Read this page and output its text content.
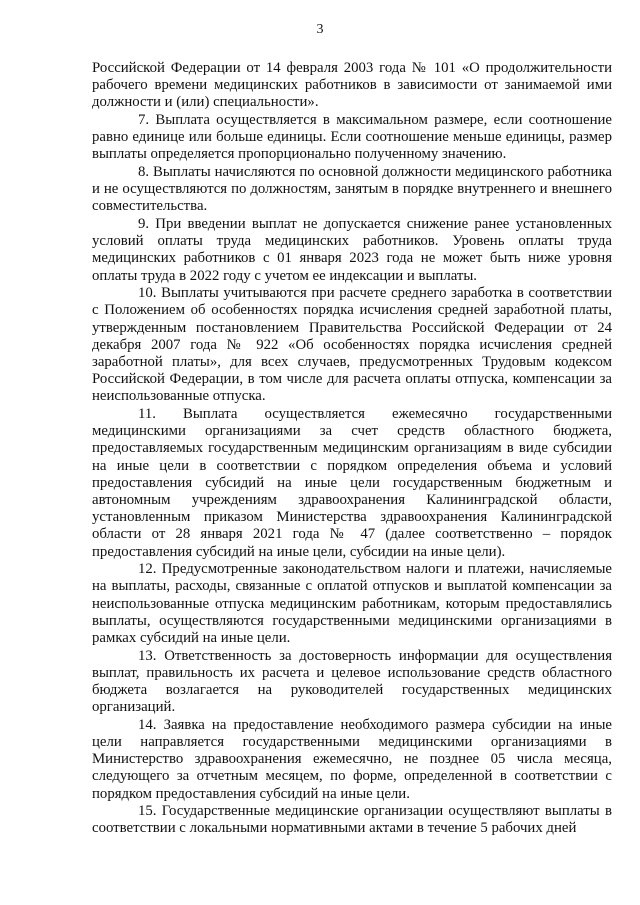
3

Российской Федерации от 14 февраля 2003 года № 101 «О продолжительности рабочего времени медицинских работников в зависимости от занимаемой ими должности и (или) специальности».

7. Выплата осуществляется в максимальном размере, если соотношение равно единице или больше единицы. Если соотношение меньше единицы, размер выплаты определяется пропорционально полученному значению.

8. Выплаты начисляются по основной должности медицинского работника и не осуществляются по должностям, занятым в порядке внутреннего и внешнего совместительства.

9. При введении выплат не допускается снижение ранее установленных условий оплаты труда медицинских работников. Уровень оплаты труда медицинских работников с 01 января 2023 года не может быть ниже уровня оплаты труда в 2022 году с учетом ее индексации и выплаты.

10. Выплаты учитываются при расчете среднего заработка в соответствии с Положением об особенностях порядка исчисления средней заработной платы, утвержденным постановлением Правительства Российской Федерации от 24 декабря 2007 года № 922 «Об особенностях порядка исчисления средней заработной платы», для всех случаев, предусмотренных Трудовым кодексом Российской Федерации, в том числе для расчета оплаты отпуска, компенсации за неиспользованные отпуска.

11. Выплата осуществляется ежемесячно государственными медицинскими организациями за счет средств областного бюджета, предоставляемых государственным медицинским организациям в виде субсидии на иные цели в соответствии с порядком определения объема и условий предоставления субсидий на иные цели государственным бюджетным и автономным учреждениям здравоохранения Калининградской области, установленным приказом Министерства здравоохранения Калининградской области от 28 января 2021 года № 47 (далее соответственно – порядок предоставления субсидий на иные цели, субсидии на иные цели).

12. Предусмотренные законодательством налоги и платежи, начисляемые на выплаты, расходы, связанные с оплатой отпусков и выплатой компенсации за неиспользованные отпуска медицинским работникам, которым предоставлялись выплаты, осуществляются государственными медицинскими организациями в рамках субсидий на иные цели.

13. Ответственность за достоверность информации для осуществления выплат, правильность их расчета и целевое использование средств областного бюджета возлагается на руководителей государственных медицинских организаций.

14. Заявка на предоставление необходимого размера субсидии на иные цели направляется государственными медицинскими организациями в Министерство здравоохранения ежемесячно, не позднее 05 числа месяца, следующего за отчетным месяцем, по форме, определенной в соответствии с порядком предоставления субсидий на иные цели.

15. Государственные медицинские организации осуществляют выплаты в соответствии с локальными нормативными актами в течение 5 рабочих дней
